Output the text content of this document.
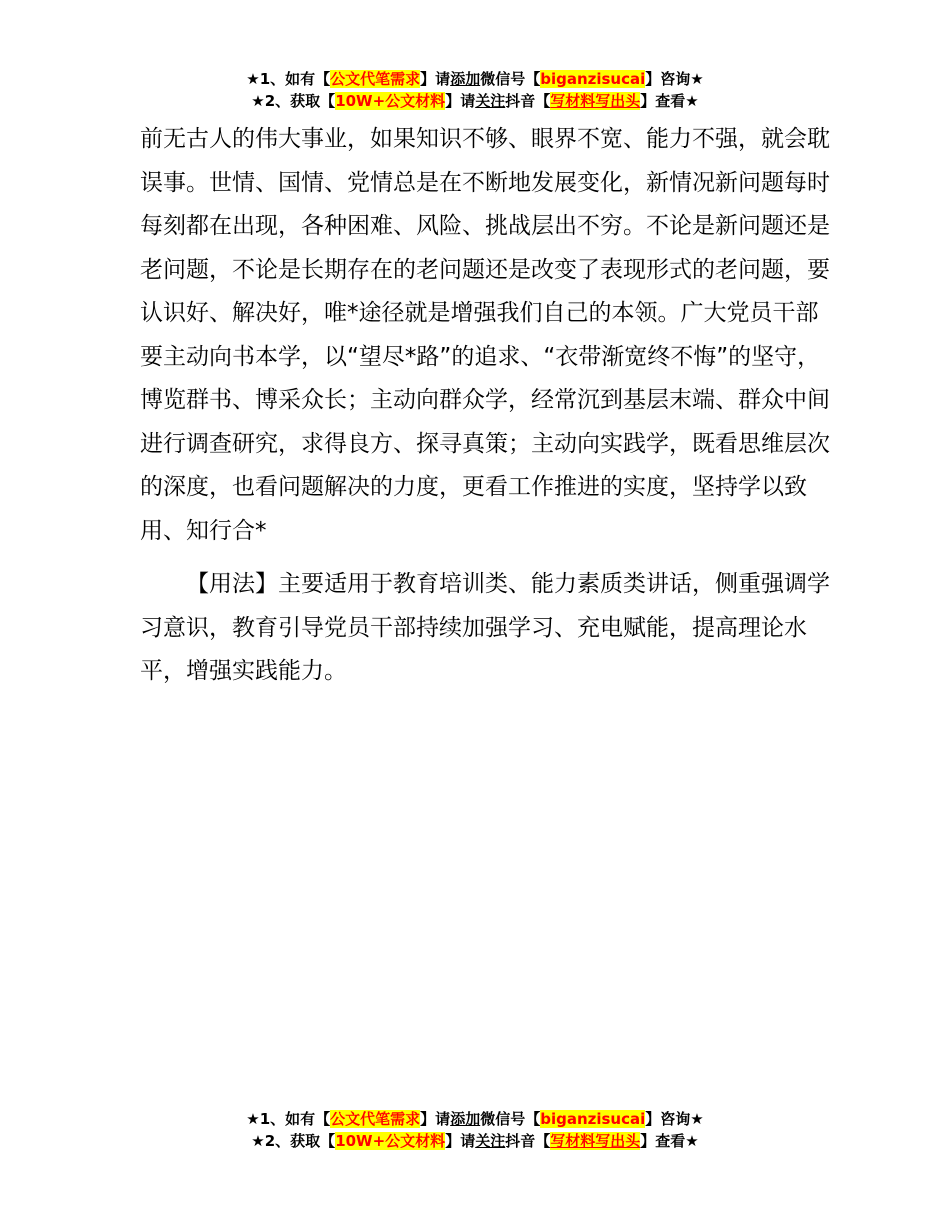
★1、如有【公文代笔需求】请添加微信号【biganzisucai】咨询★
★2、获取【10W+公文材料】请关注抖音【写材料写出头】查看★

前无古人的伟大事业，如果知识不够、眼界不宽、能力不强，就会耽误事。世情、国情、党情总是在不断地发展变化，新情况新问题每时每刻都在出现，各种困难、风险、挑战层出不穷。不论是新问题还是老问题，不论是长期存在的老问题还是改变了表现形式的老问题，要认识好、解决好，唯*途径就是增强我们自己的本领。广大党员干部要主动向书本学，以“望尽*路”的追求、“衣带渐宽终不悔”的坚守，博览群书、博采众长；主动向群众学，经常沉到基层末端、群众中间进行调查研究，求得良方、探寻真策；主动向实践学，既看思维层次的深度，也看问题解决的力度，更看工作推进的实度，坚持学以致用、知行合*

【用法】主要适用于教育培训类、能力素质类讲话，侧重强调学习意识，教育引导党员干部持续加强学习、充电赋能，提高理论水平，增强实践能力。

★1、如有【公文代笔需求】请添加微信号【biganzisucai】咨询★
★2、获取【10W+公文材料】请关注抖音【写材料写出头】查看★
